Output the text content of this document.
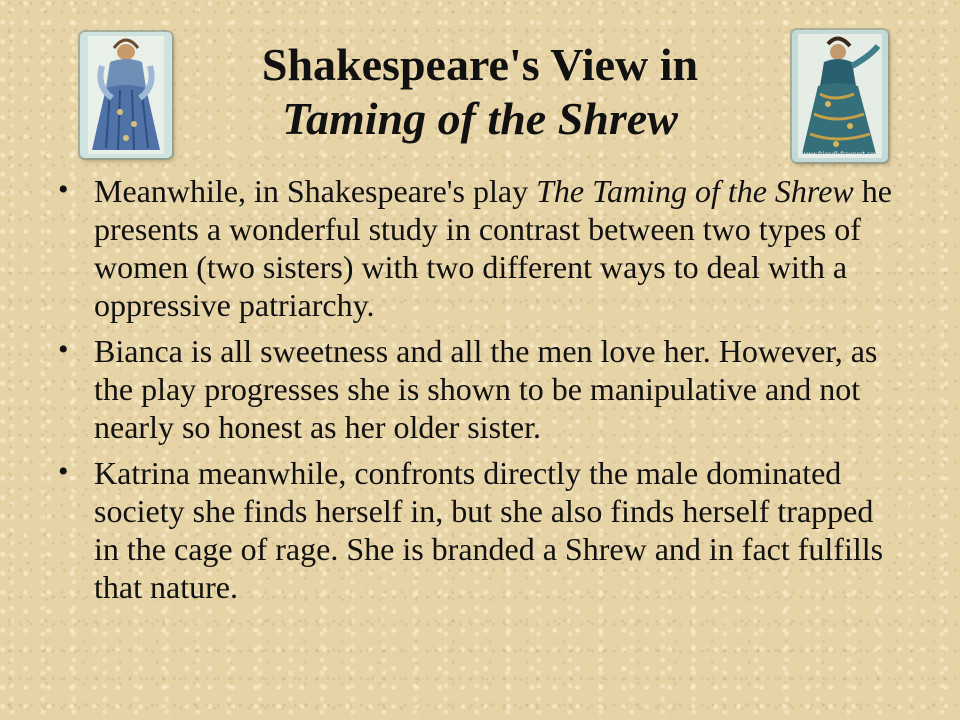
www.friendlyfreeport.com
Shakespeare's View in
Taming of the Shrew
• Meanwhile, in Shakespeare's play The Taming of the Shrew he presents a wonderful study in contrast between two types of women (two sisters) with two different ways to deal with a oppressive patriarchy.
• Bianca is all sweetness and all the men love her. However, as the play progresses she is shown to be manipulative and not nearly so honest as her older sister.
• Katrina meanwhile, confronts directly the male dominated society she finds herself in, but she also finds herself trapped in the cage of rage. She is branded a Shrew and in fact fulfills that nature.
